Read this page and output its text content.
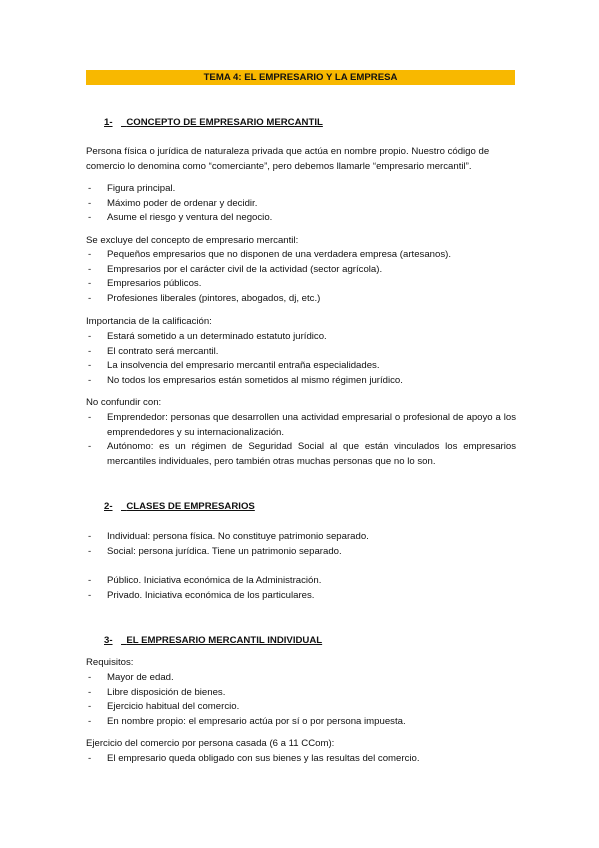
TEMA 4: EL EMPRESARIO Y LA EMPRESA
1- CONCEPTO DE EMPRESARIO MERCANTIL
Persona física o jurídica de naturaleza privada que actúa en nombre propio. Nuestro código de
comercio lo denomina como “comerciante”, pero debemos llamarle “empresario mercantil”.
- Figura principal.
- Máximo poder de ordenar y decidir.
- Asume el riesgo y ventura del negocio.
Se excluye del concepto de empresario mercantil:
- Pequeños empresarios que no disponen de una verdadera empresa (artesanos).
- Empresarios por el carácter civil de la actividad (sector agrícola).
- Empresarios públicos.
- Profesiones liberales (pintores, abogados, dj, etc.)
Importancia de la calificación:
- Estará sometido a un determinado estatuto jurídico.
- El contrato será mercantil.
- La insolvencia del empresario mercantil entraña especialidades.
- No todos los empresarios están sometidos al mismo régimen jurídico.
No confundir con:
- Emprendedor: personas que desarrollen una actividad empresarial o profesional de apoyo a los emprendedores y su internacionalización.
- Autónomo: es un régimen de Seguridad Social al que están vinculados los empresarios mercantiles individuales, pero también otras muchas personas que no lo son.
2- CLASES DE EMPRESARIOS
- Individual: persona física. No constituye patrimonio separado.
- Social: persona jurídica. Tiene un patrimonio separado.
- Público. Iniciativa económica de la Administración.
- Privado. Iniciativa económica de los particulares.
3- EL EMPRESARIO MERCANTIL INDIVIDUAL
Requisitos:
- Mayor de edad.
- Libre disposición de bienes.
- Ejercicio habitual del comercio.
- En nombre propio: el empresario actúa por sí o por persona impuesta.
Ejercicio del comercio por persona casada (6 a 11 CCom):
- El empresario queda obligado con sus bienes y las resultas del comercio.
